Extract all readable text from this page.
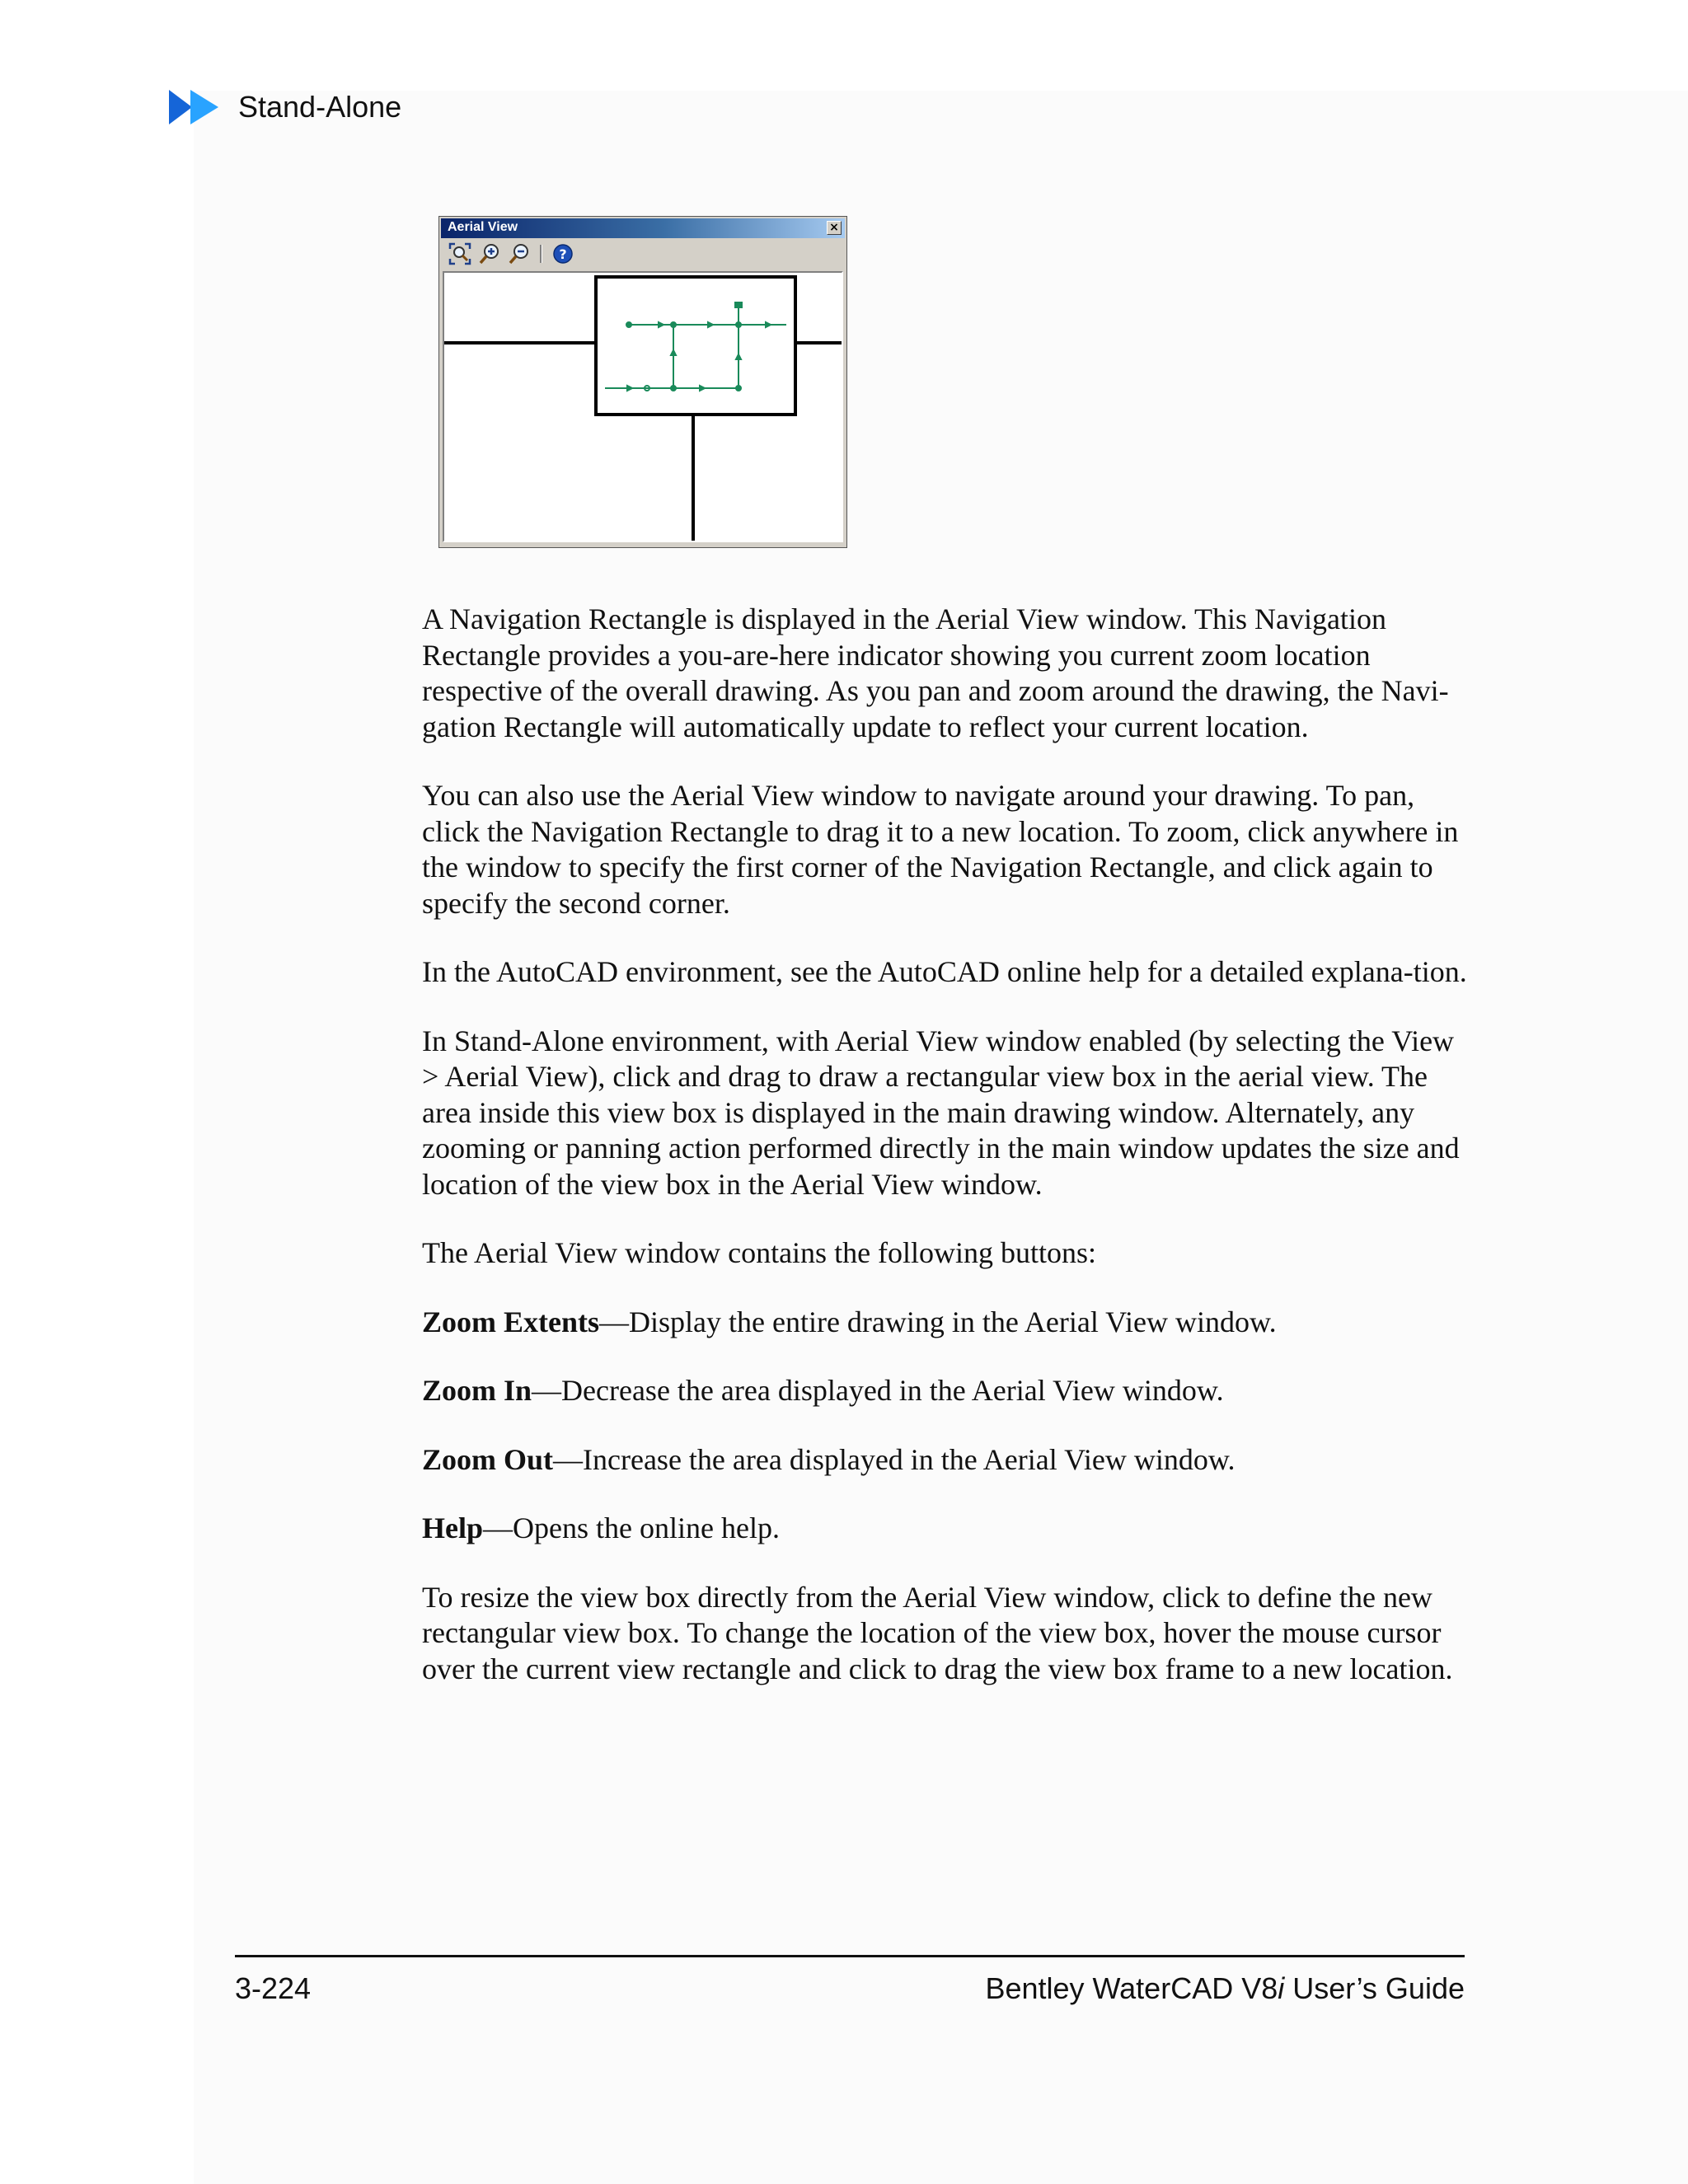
Stand-Alone
Aerial View	×
?

A Navigation Rectangle is displayed in the Aerial View window. This Navigation Rectangle provides a you-are-here indicator showing you current zoom location respective of the overall drawing. As you pan and zoom around the drawing, the Navi-gation Rectangle will automatically update to reflect your current location.

You can also use the Aerial View window to navigate around your drawing. To pan, click the Navigation Rectangle to drag it to a new location. To zoom, click anywhere in the window to specify the first corner of the Navigation Rectangle, and click again to specify the second corner.

In the AutoCAD environment, see the AutoCAD online help for a detailed explana-tion.

In Stand-Alone environment, with Aerial View window enabled (by selecting the View > Aerial View), click and drag to draw a rectangular view box in the aerial view. The area inside this view box is displayed in the main drawing window. Alternately, any zooming or panning action performed directly in the main window updates the size and location of the view box in the Aerial View window.

The Aerial View window contains the following buttons:

Zoom Extents—Display the entire drawing in the Aerial View window.

Zoom In—Decrease the area displayed in the Aerial View window.

Zoom Out—Increase the area displayed in the Aerial View window.

Help—Opens the online help.

To resize the view box directly from the Aerial View window, click to define the new rectangular view box. To change the location of the view box, hover the mouse cursor over the current view rectangle and click to drag the view box frame to a new location.

3-224	Bentley WaterCAD V8i User’s Guide
